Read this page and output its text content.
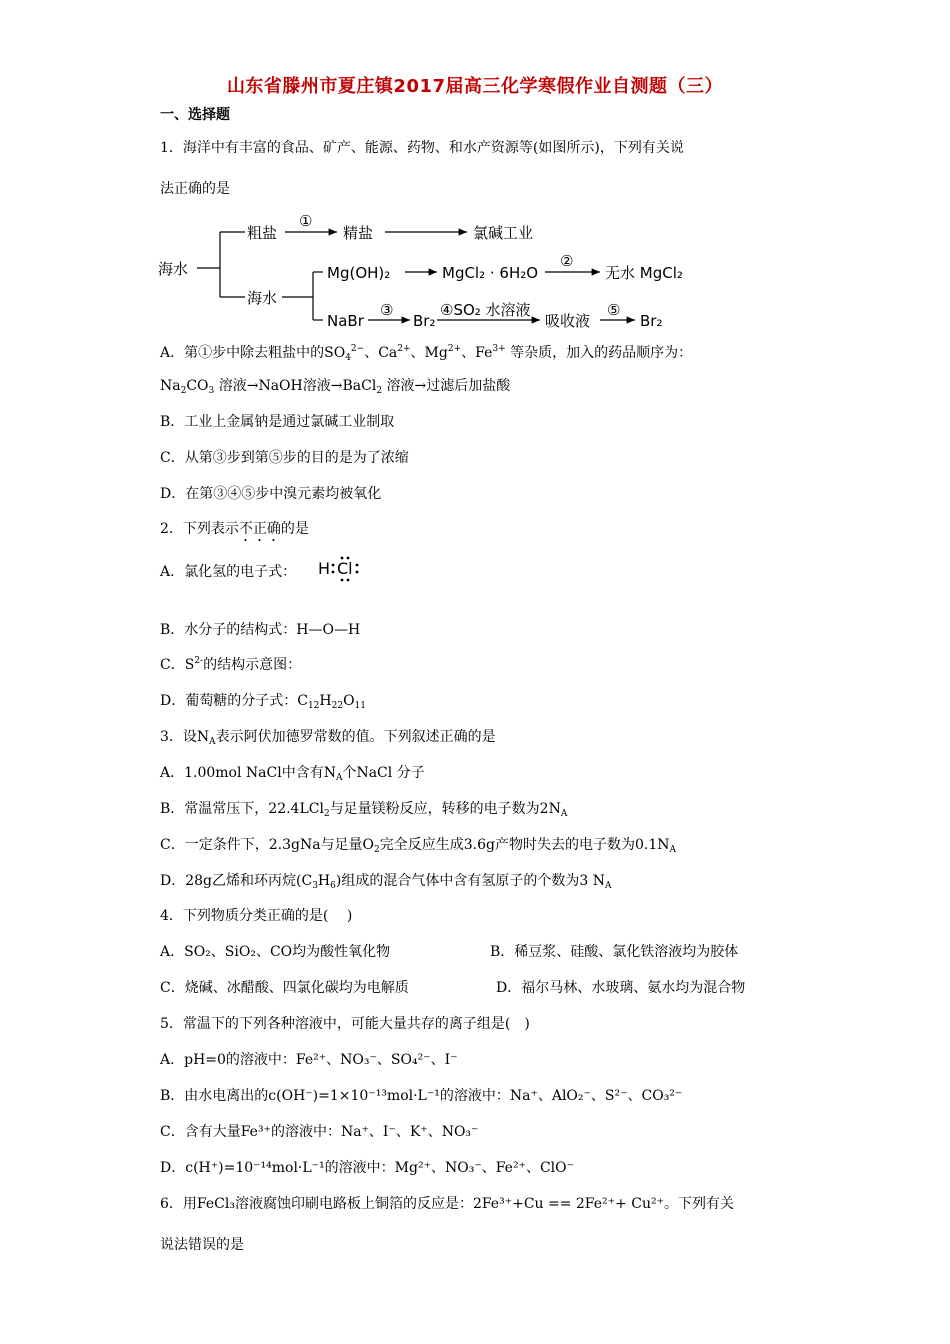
山东省滕州市夏庄镇2017届高三化学寒假作业自测题（三）
一、选择题
1．海洋中有丰富的食品、矿产、能源、药物、和水产资源等(如图所示)，下列有关说
法正确的是
海水
粗盐
①
精盐	氯碱工业
海水
Mg(OH)₂	MgCl₂ · 6H₂O
②
无水 MgCl₂
NaBr
③
Br₂
④SO₂ 水溶液
吸收液
⑤
Br₂
A．第①步中除去粗盐中的$SO_4^{2-}$、$Ca^{2+}$、$Mg^{2+}$、$Fe^{3+}$ 等杂质，加入的药品顺序为：
$Na_2CO_3$ 溶液→NaOH溶液→BaCl$_2$ 溶液→过滤后加盐酸
B．工业上金属钠是通过氯碱工业制取
C．从第③步到第⑤步的目的是为了浓缩
D．在第③④⑤步中溴元素均被氧化
2．下列表示不正确的是
A．氯化氢的电子式： H Cl
B．水分子的结构式：H—O—H
C．$S^{2-}$的结构示意图：
D．葡萄糖的分子式：$C_{12}H_{22}O_{11}$
3．设$N_A$表示阿伏加德罗常数的值。下列叙述正确的是
A．1.00mol NaCl中含有$N_A$个NaCl 分子
B．常温常压下，22.4LCl$_2$与足量镁粉反应，转移的电子数为$2N_A$
C．一定条件下，2.3gNa与足量$O_2$完全反应生成3.6g产物时失去的电子数为$0.1N_A$
D．28g乙烯和环丙烷$(C_3H_6)$组成的混合气体中含有氢原子的个数为3 $N_A$
4．下列物质分类正确的是(　 )
A．SO₂、SiO₂、CO均为酸性氧化物	B．稀豆浆、硅酸、氯化铁溶液均为胶体
C．烧碱、冰醋酸、四氯化碳均为电解质	D．福尔马林、水玻璃、氨水均为混合物
5．常温下的下列各种溶液中，可能大量共存的离子组是(　)
A．pH=0的溶液中：Fe²⁺、NO₃⁻、SO₄²⁻、I⁻
B．由水电离出的c(OH⁻)=1×10⁻¹³mol·L⁻¹的溶液中：Na⁺、AlO₂⁻、S²⁻、CO₃²⁻
C．含有大量Fe³⁺的溶液中：Na⁺、I⁻、K⁺、NO₃⁻
D．c(H⁺)=10⁻¹⁴mol·L⁻¹的溶液中：Mg²⁺、NO₃⁻、Fe²⁺、ClO⁻
6．用FeCl₃溶液腐蚀印刷电路板上铜箔的反应是：2Fe³⁺+Cu == 2Fe²⁺+ Cu²⁺。下列有关
说法错误的是
